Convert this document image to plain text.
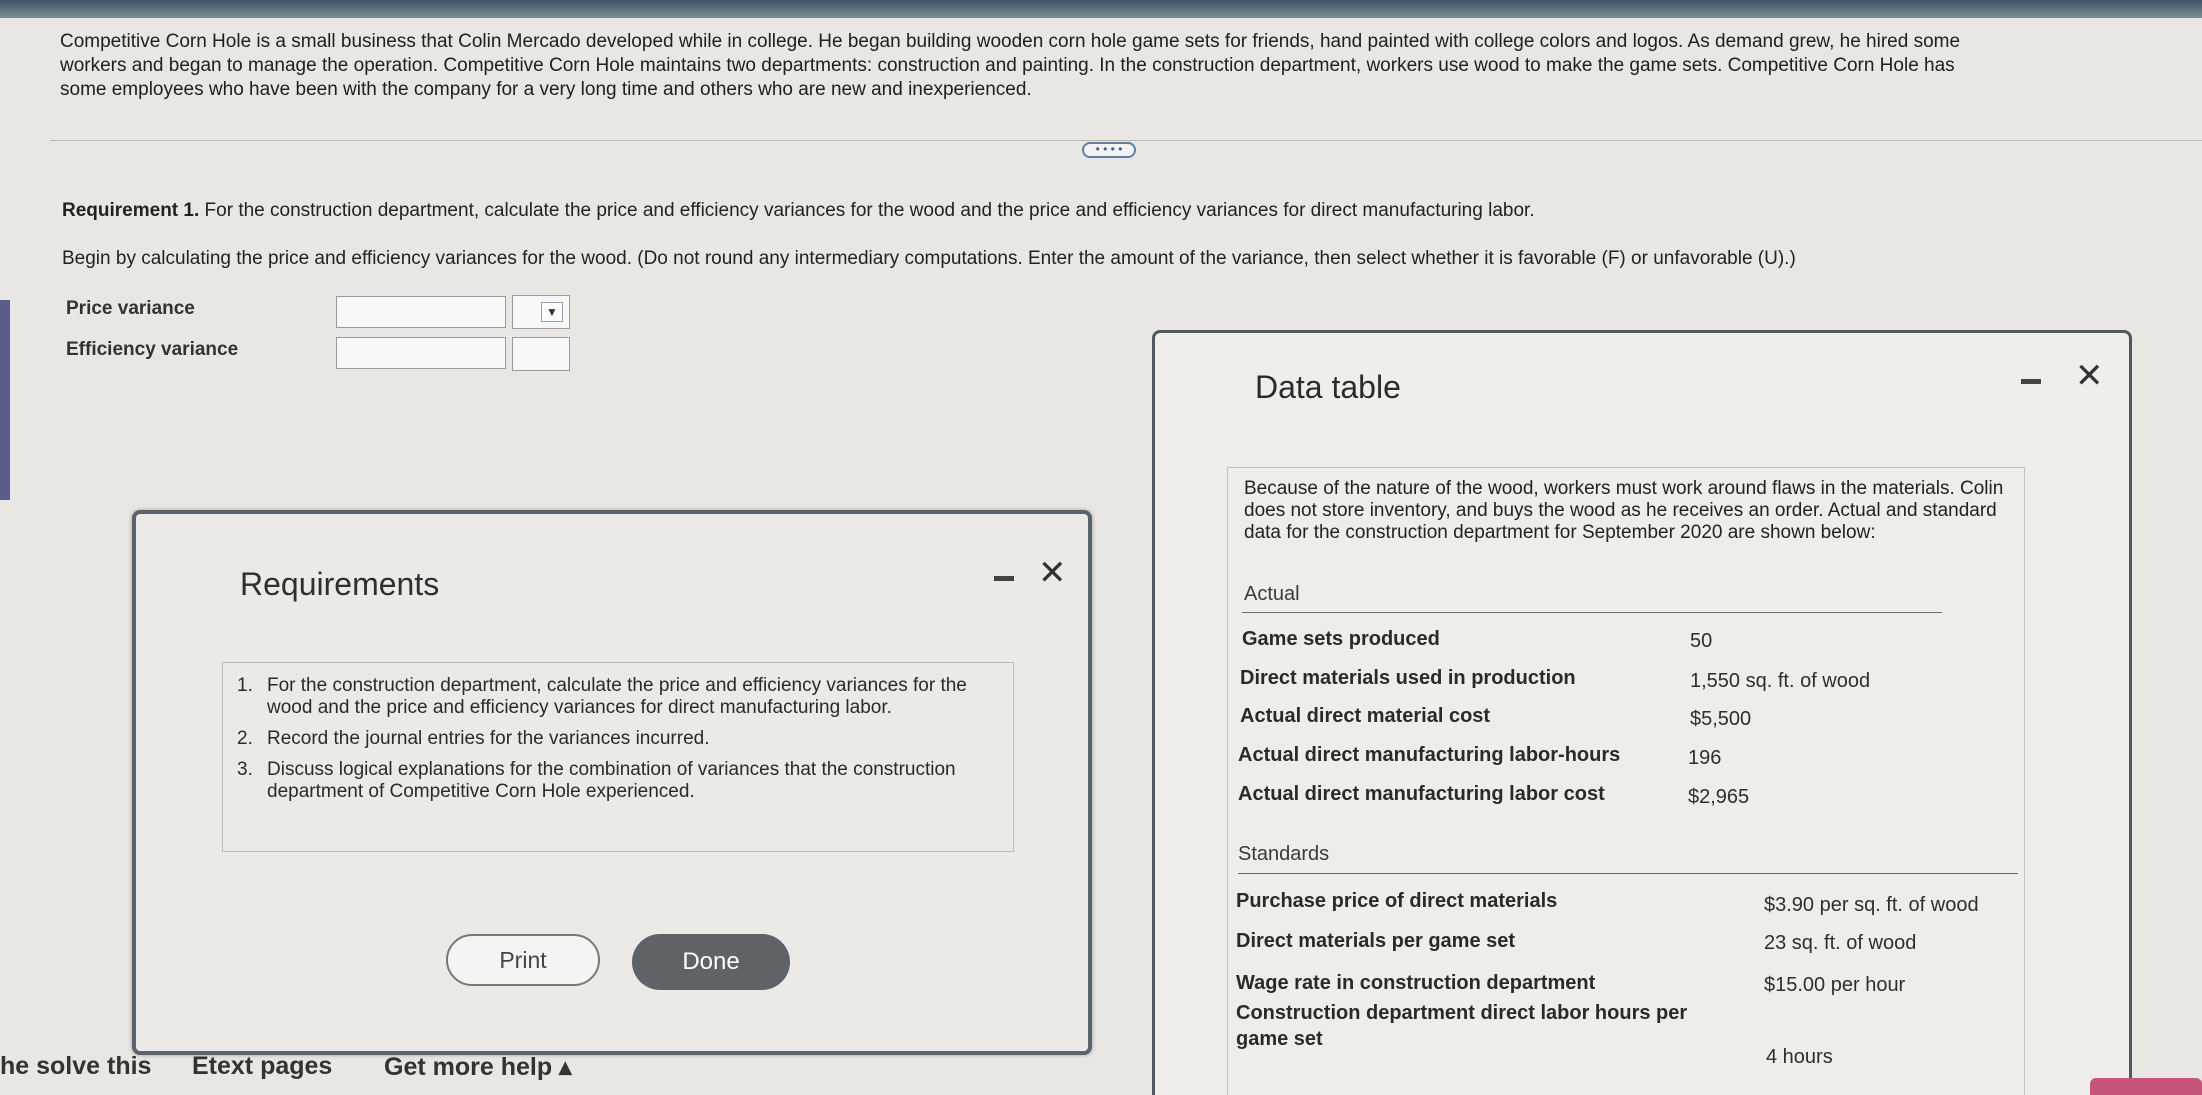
Competitive Corn Hole is a small business that Colin Mercado developed while in college. He began building wooden corn hole game sets for friends, hand painted with college colors and logos. As demand grew, he hired some
workers and began to manage the operation. Competitive Corn Hole maintains two departments: construction and painting. In the construction department, workers use wood to make the game sets. Competitive Corn Hole has
some employees who have been with the company for a very long time and others who are new and inexperienced.
• • • •
Requirement 1. For the construction department, calculate the price and efficiency variances for the wood and the price and efficiency variances for direct manufacturing labor.
Begin by calculating the price and efficiency variances for the wood. (Do not round any intermediary computations. Enter the amount of the variance, then select whether it is favorable (F) or unfavorable (U).)
Price variance	▼
Efficiency variance
Requirements	✕
1. For the construction department, calculate the price and efficiency variances for the wood and the price and efficiency variances for direct manufacturing labor.
2. Record the journal entries for the variances incurred.
3. Discuss logical explanations for the combination of variances that the construction department of Competitive Corn Hole experienced.
Print	Done
Data table	✕
Because of the nature of the wood, workers must work around flaws in the materials. Colin does not store inventory, and buys the wood as he receives an order. Actual and standard data for the construction department for September 2020 are shown below:
Actual
Game sets produced	50
Direct materials used in production	1,550 sq. ft. of wood
Actual direct material cost	$5,500
Actual direct manufacturing labor-hours	196
Actual direct manufacturing labor cost	$2,965
Standards
Purchase price of direct materials	$3.90 per sq. ft. of wood
Direct materials per game set	23 sq. ft. of wood
Wage rate in construction department	$15.00 per hour
Construction department direct labor hours per game set
4 hours
he solve this Etext pages Get more help ▴
